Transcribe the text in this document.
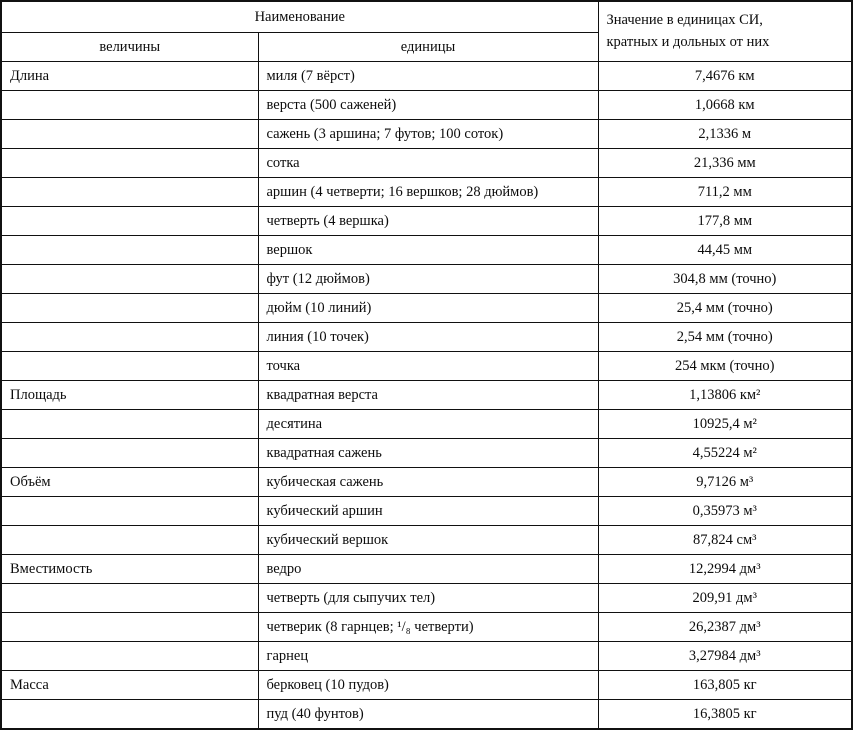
Наименование		Значение в единицах СИ,
кратных и дольных от них
величины	единицы	
Длина	миля (7 вёрст)	7,4676 км
	верста (500 саженей)	1,0668 км
	сажень (3 аршина; 7 футов; 100 соток)	2,1336 м
	сотка	21,336 мм
	аршин (4 четверти; 16 вершков; 28 дюймов)	711,2 мм
	четверть (4 вершка)	177,8 мм
	вершок	44,45 мм
	фут (12 дюймов)	304,8 мм (точно)
	дюйм (10 линий)	25,4 мм (точно)
	линия (10 точек)	2,54 мм (точно)
	точка	254 мкм (точно)
Площадь	квадратная верста	1,13806 км²
	десятина	10925,4 м²
	квадратная сажень	4,55224 м²
Объём	кубическая сажень	9,7126 м³
	кубический аршин	0,35973 м³
	кубический вершок	87,824 см³
Вместимость	ведро	12,2994 дм³
	четверть (для сыпучих тел)	209,91 дм³
	четверик (8 гарнцев; ¹/₈ четверти)	26,2387 дм³
	гарнец	3,27984 дм³
Масса	берковец (10 пудов)	163,805 кг
	пуд (40 фунтов)	16,3805 кг
